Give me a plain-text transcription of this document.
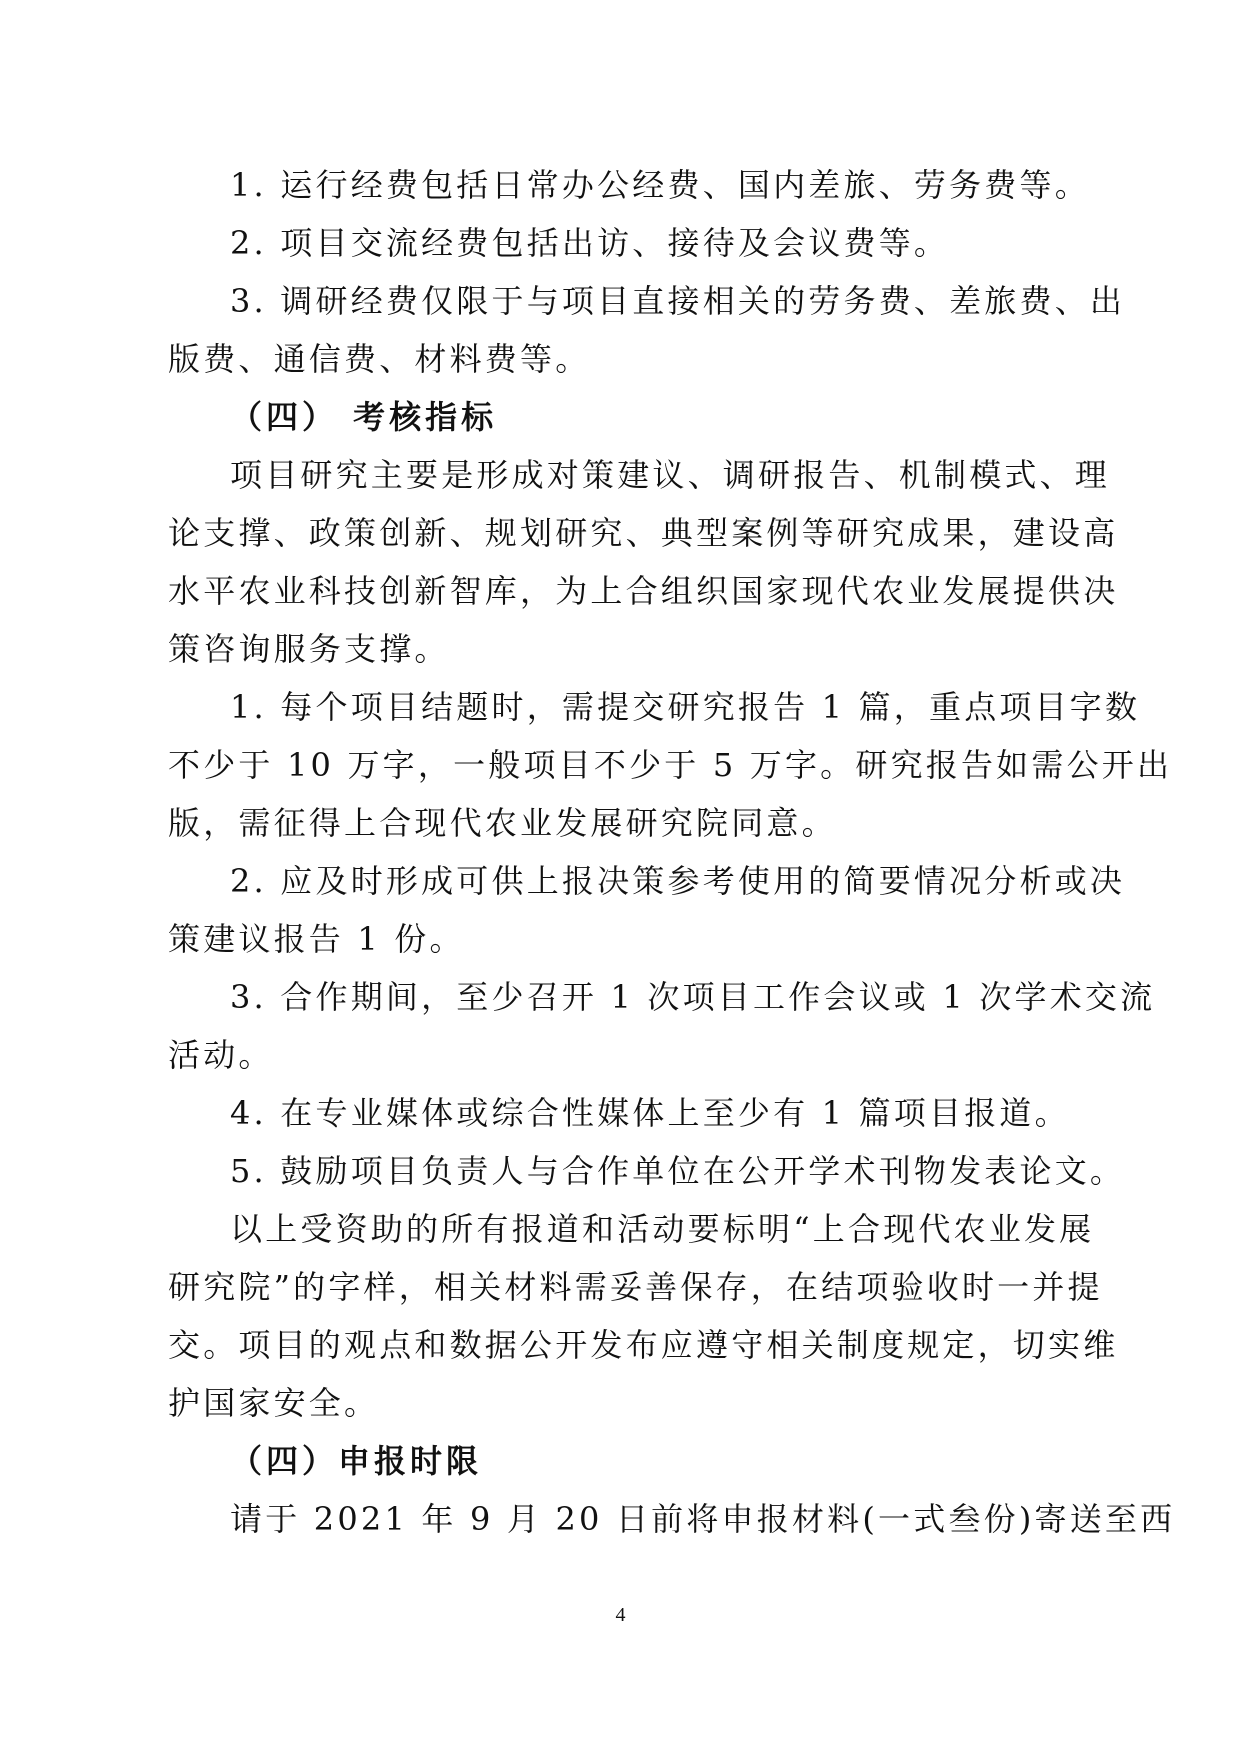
1. 运行经费包括日常办公经费、国内差旅、劳务费等。
2. 项目交流经费包括出访、接待及会议费等。
3. 调研经费仅限于与项目直接相关的劳务费、差旅费、出
版费、通信费、材料费等。
（四） 考核指标
项目研究主要是形成对策建议、调研报告、机制模式、理
论支撑、政策创新、规划研究、典型案例等研究成果，建设高
水平农业科技创新智库，为上合组织国家现代农业发展提供决
策咨询服务支撑。
1. 每个项目结题时，需提交研究报告 1 篇，重点项目字数
不少于 10 万字，一般项目不少于 5 万字。研究报告如需公开出
版，需征得上合现代农业发展研究院同意。
2. 应及时形成可供上报决策参考使用的简要情况分析或决
策建议报告 1 份。
3. 合作期间，至少召开 1 次项目工作会议或 1 次学术交流
活动。
4. 在专业媒体或综合性媒体上至少有 1 篇项目报道。
5. 鼓励项目负责人与合作单位在公开学术刊物发表论文。
以上受资助的所有报道和活动要标明“上合现代农业发展
研究院”的字样，相关材料需妥善保存，在结项验收时一并提
交。项目的观点和数据公开发布应遵守相关制度规定，切实维
护国家安全。
（四）申报时限
请于 2021 年 9 月 20 日前将申报材料(一式叁份)寄送至西
4
